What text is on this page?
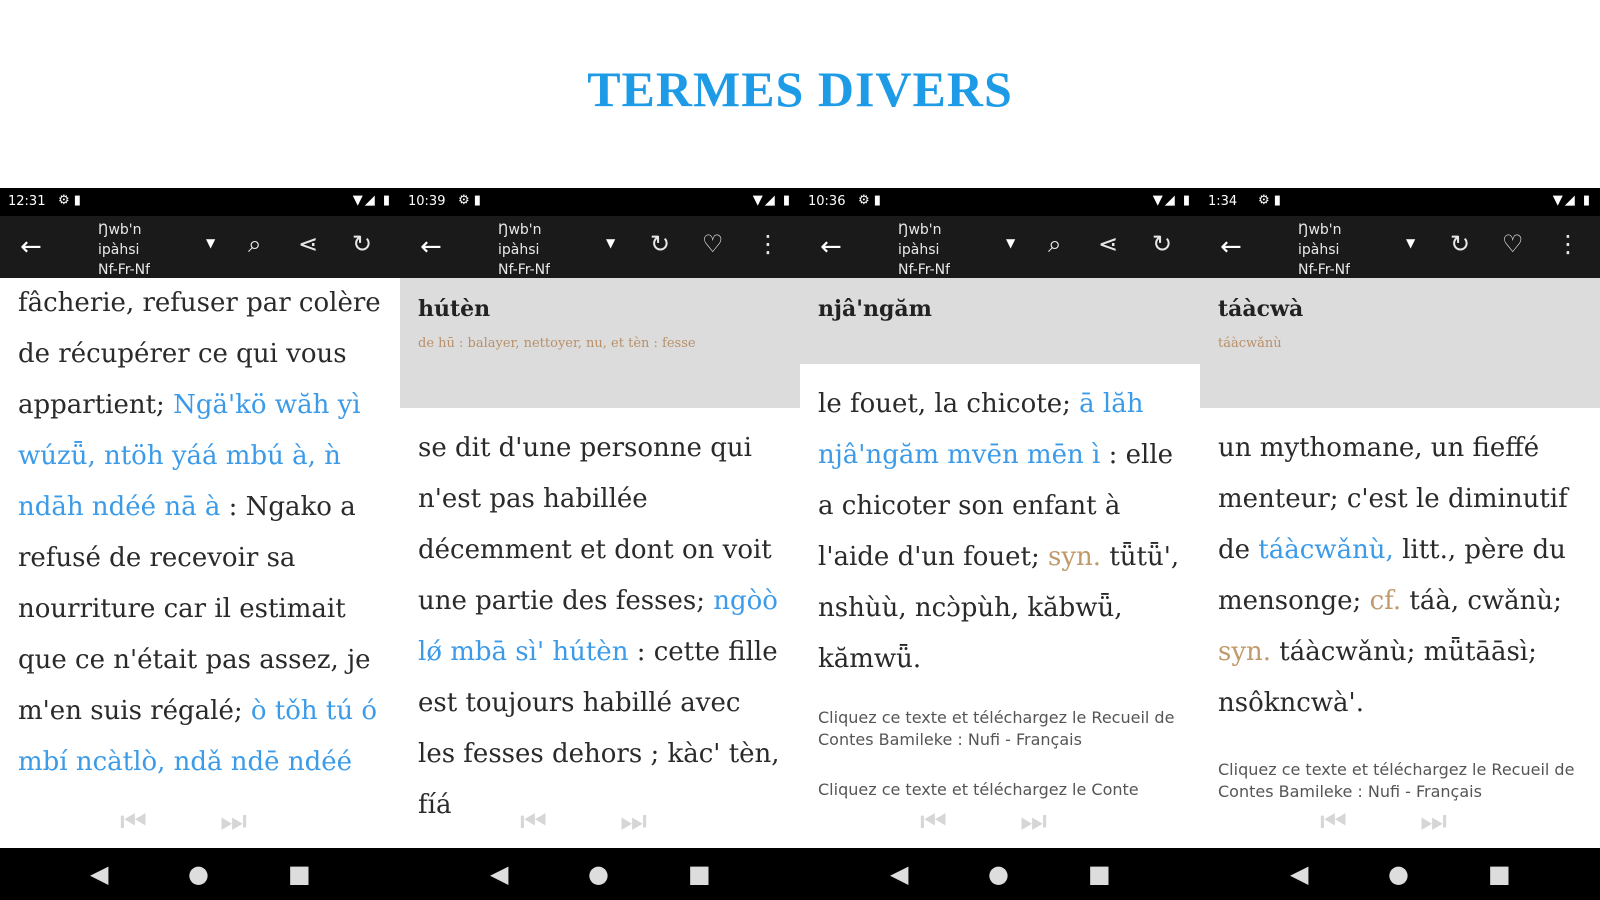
TERMES DIVERS
12:31 ⚙ ▮	▼◢ ▮
←
Ŋwb'n
ipàhsi
Nf-Fr-Nf
▼ ⌕ ⋖ ↻
fâcherie, refuser par colère de récupérer ce qui vous appartient; Ngä'kö wăh yì wúzǖ, ntöh yáá mbú à, ǹ ndāh ndéé nā à : Ngako a refusé de recevoir sa nourriture car il estimait que ce n'était pas assez, je m'en suis régalé; ò tǒh tú ó mbí ncàtlò, ndǎ ndē ndéé
10:39 ⚙ ▮	▼◢ ▮
←
Ŋwb'n
ipàhsi
Nf-Fr-Nf
▼ ↻ ♡ ⋮
hútèn
de hū : balayer, nettoyer, nu, et tèn : fesse
se dit d'une personne qui n'est pas habillée décemment et dont on voit une partie des fesses; ngòò lǿ mbā sì' hútèn : cette fille est toujours habillé avec les fesses dehors ; kàc' tèn, fíá
10:36 ⚙ ▮	▼◢ ▮
←
Ŋwb'n
ipàhsi
Nf-Fr-Nf
▼ ⌕ ⋖ ↻
njâ'ngăm
le fouet, la chicote; ā lăh njâ'ngăm mvēn mēn ì : elle a chicoter son enfant à l'aide d'un fouet; syn. tǖtǖ', nshùù, ncɔ̀pùh, kăbwǖ, kămwǖ.
Cliquez ce texte et téléchargez le Recueil de Contes Bamileke : Nufi - Français
Cliquez ce texte et téléchargez le Conte
1:34 ⚙ ▮	▼◢ ▮
←
Ŋwb'n
ipàhsi
Nf-Fr-Nf
▼ ↻ ♡ ⋮
táàcwà
táàcwǎnù
un mythomane, un fieffé menteur; c'est le diminutif de táàcwǎnù, litt., père du mensonge; cf. táà, cwǎnù; syn. táàcwǎnù; mǖtāāsì; nsôkncwà'.
Cliquez ce texte et téléchargez le Recueil de Contes Bamileke : Nufi - Français
⏮ ⏭	⏮ ⏭	⏮ ⏭	⏮ ⏭
◀	●	■	◀	●	■	◀	●	■	◀	●	■
